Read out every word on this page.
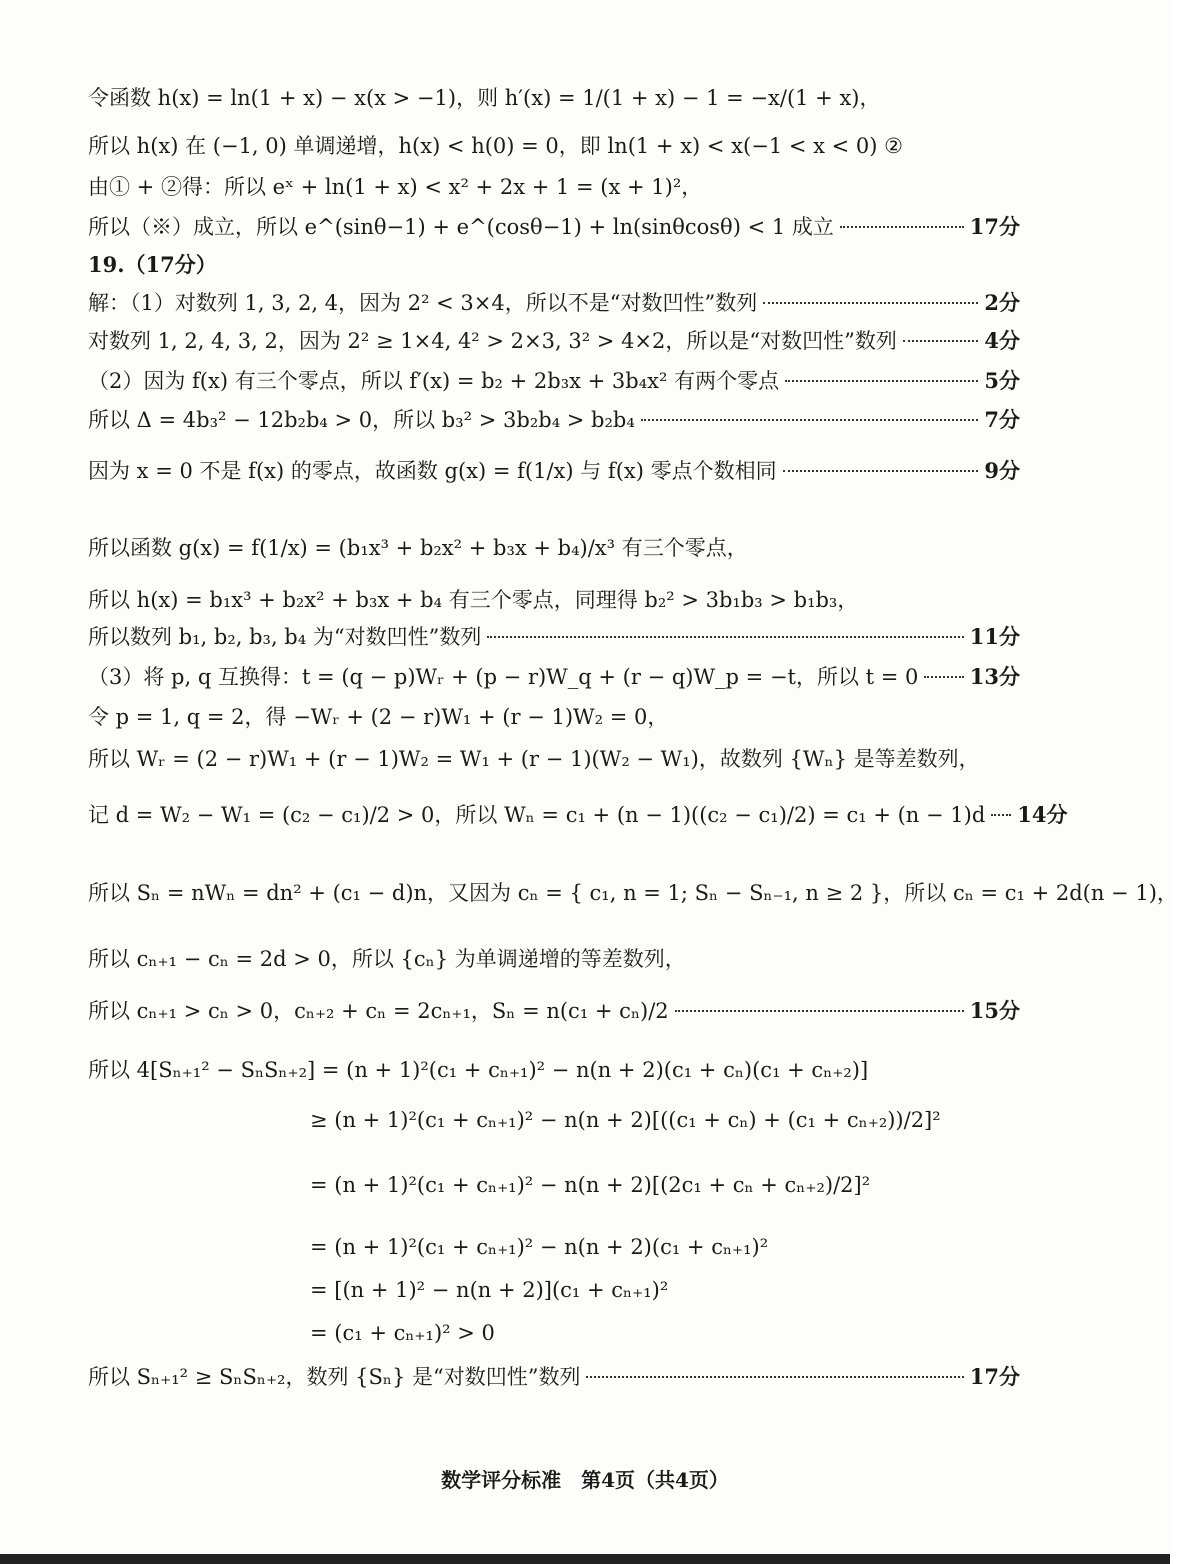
令函数 h(x) = ln(1 + x) − x(x > −1)，则 h′(x) = 1/(1 + x) − 1 = −x/(1 + x)，
所以 h(x) 在 (−1, 0) 单调递增，h(x) < h(0) = 0，即 ln(1 + x) < x(−1 < x < 0) ②
由① + ②得：所以 eˣ + ln(1 + x) < x² + 2x + 1 = (x + 1)²，
所以（※）成立，所以 e^(sinθ−1) + e^(cosθ−1) + ln(sinθcosθ) < 1 成立	17分
19.（17分）
解：（1）对数列 1, 3, 2, 4，因为 2² < 3×4，所以不是“对数凹性”数列	2分
对数列 1, 2, 4, 3, 2，因为 2² ≥ 1×4, 4² > 2×3, 3² > 4×2，所以是“对数凹性”数列	4分
（2）因为 f(x) 有三个零点，所以 f′(x) = b₂ + 2b₃x + 3b₄x² 有两个零点	5分
所以 Δ = 4b₃² − 12b₂b₄ > 0，所以 b₃² > 3b₂b₄ > b₂b₄	7分
因为 x = 0 不是 f(x) 的零点，故函数 g(x) = f(1/x) 与 f(x) 零点个数相同	9分
所以函数 g(x) = f(1/x) = (b₁x³ + b₂x² + b₃x + b₄)/x³ 有三个零点，
所以 h(x) = b₁x³ + b₂x² + b₃x + b₄ 有三个零点，同理得 b₂² > 3b₁b₃ > b₁b₃，
所以数列 b₁, b₂, b₃, b₄ 为“对数凹性”数列	11分
（3）将 p, q 互换得：t = (q − p)Wᵣ + (p − r)W_q + (r − q)W_p = −t，所以 t = 0 13分
令 p = 1, q = 2，得 −Wᵣ + (2 − r)W₁ + (r − 1)W₂ = 0，
所以 Wᵣ = (2 − r)W₁ + (r − 1)W₂ = W₁ + (r − 1)(W₂ − W₁)，故数列 {Wₙ} 是等差数列，
记 d = W₂ − W₁ = (c₂ − c₁)/2 > 0，所以 Wₙ = c₁ + (n − 1)((c₂ − c₁)/2) = c₁ + (n − 1)d 14分
所以 Sₙ = nWₙ = dn² + (c₁ − d)n，又因为 cₙ = { c₁, n = 1; Sₙ − Sₙ₋₁, n ≥ 2 }，所以 cₙ = c₁ + 2d(n − 1)，
所以 cₙ₊₁ − cₙ = 2d > 0，所以 {cₙ} 为单调递增的等差数列，
所以 cₙ₊₁ > cₙ > 0，cₙ₊₂ + cₙ = 2cₙ₊₁，Sₙ = n(c₁ + cₙ)/2	15分
所以 4[Sₙ₊₁² − SₙSₙ₊₂] = (n + 1)²(c₁ + cₙ₊₁)² − n(n + 2)(c₁ + cₙ)(c₁ + cₙ₊₂)]
≥ (n + 1)²(c₁ + cₙ₊₁)² − n(n + 2)[((c₁ + cₙ) + (c₁ + cₙ₊₂))/2]²
= (n + 1)²(c₁ + cₙ₊₁)² − n(n + 2)[(2c₁ + cₙ + cₙ₊₂)/2]²
= (n + 1)²(c₁ + cₙ₊₁)² − n(n + 2)(c₁ + cₙ₊₁)²
= [(n + 1)² − n(n + 2)](c₁ + cₙ₊₁)²
= (c₁ + cₙ₊₁)² > 0
所以 Sₙ₊₁² ≥ SₙSₙ₊₂，数列 {Sₙ} 是“对数凹性”数列	17分
数学评分标准　第4页（共4页）
